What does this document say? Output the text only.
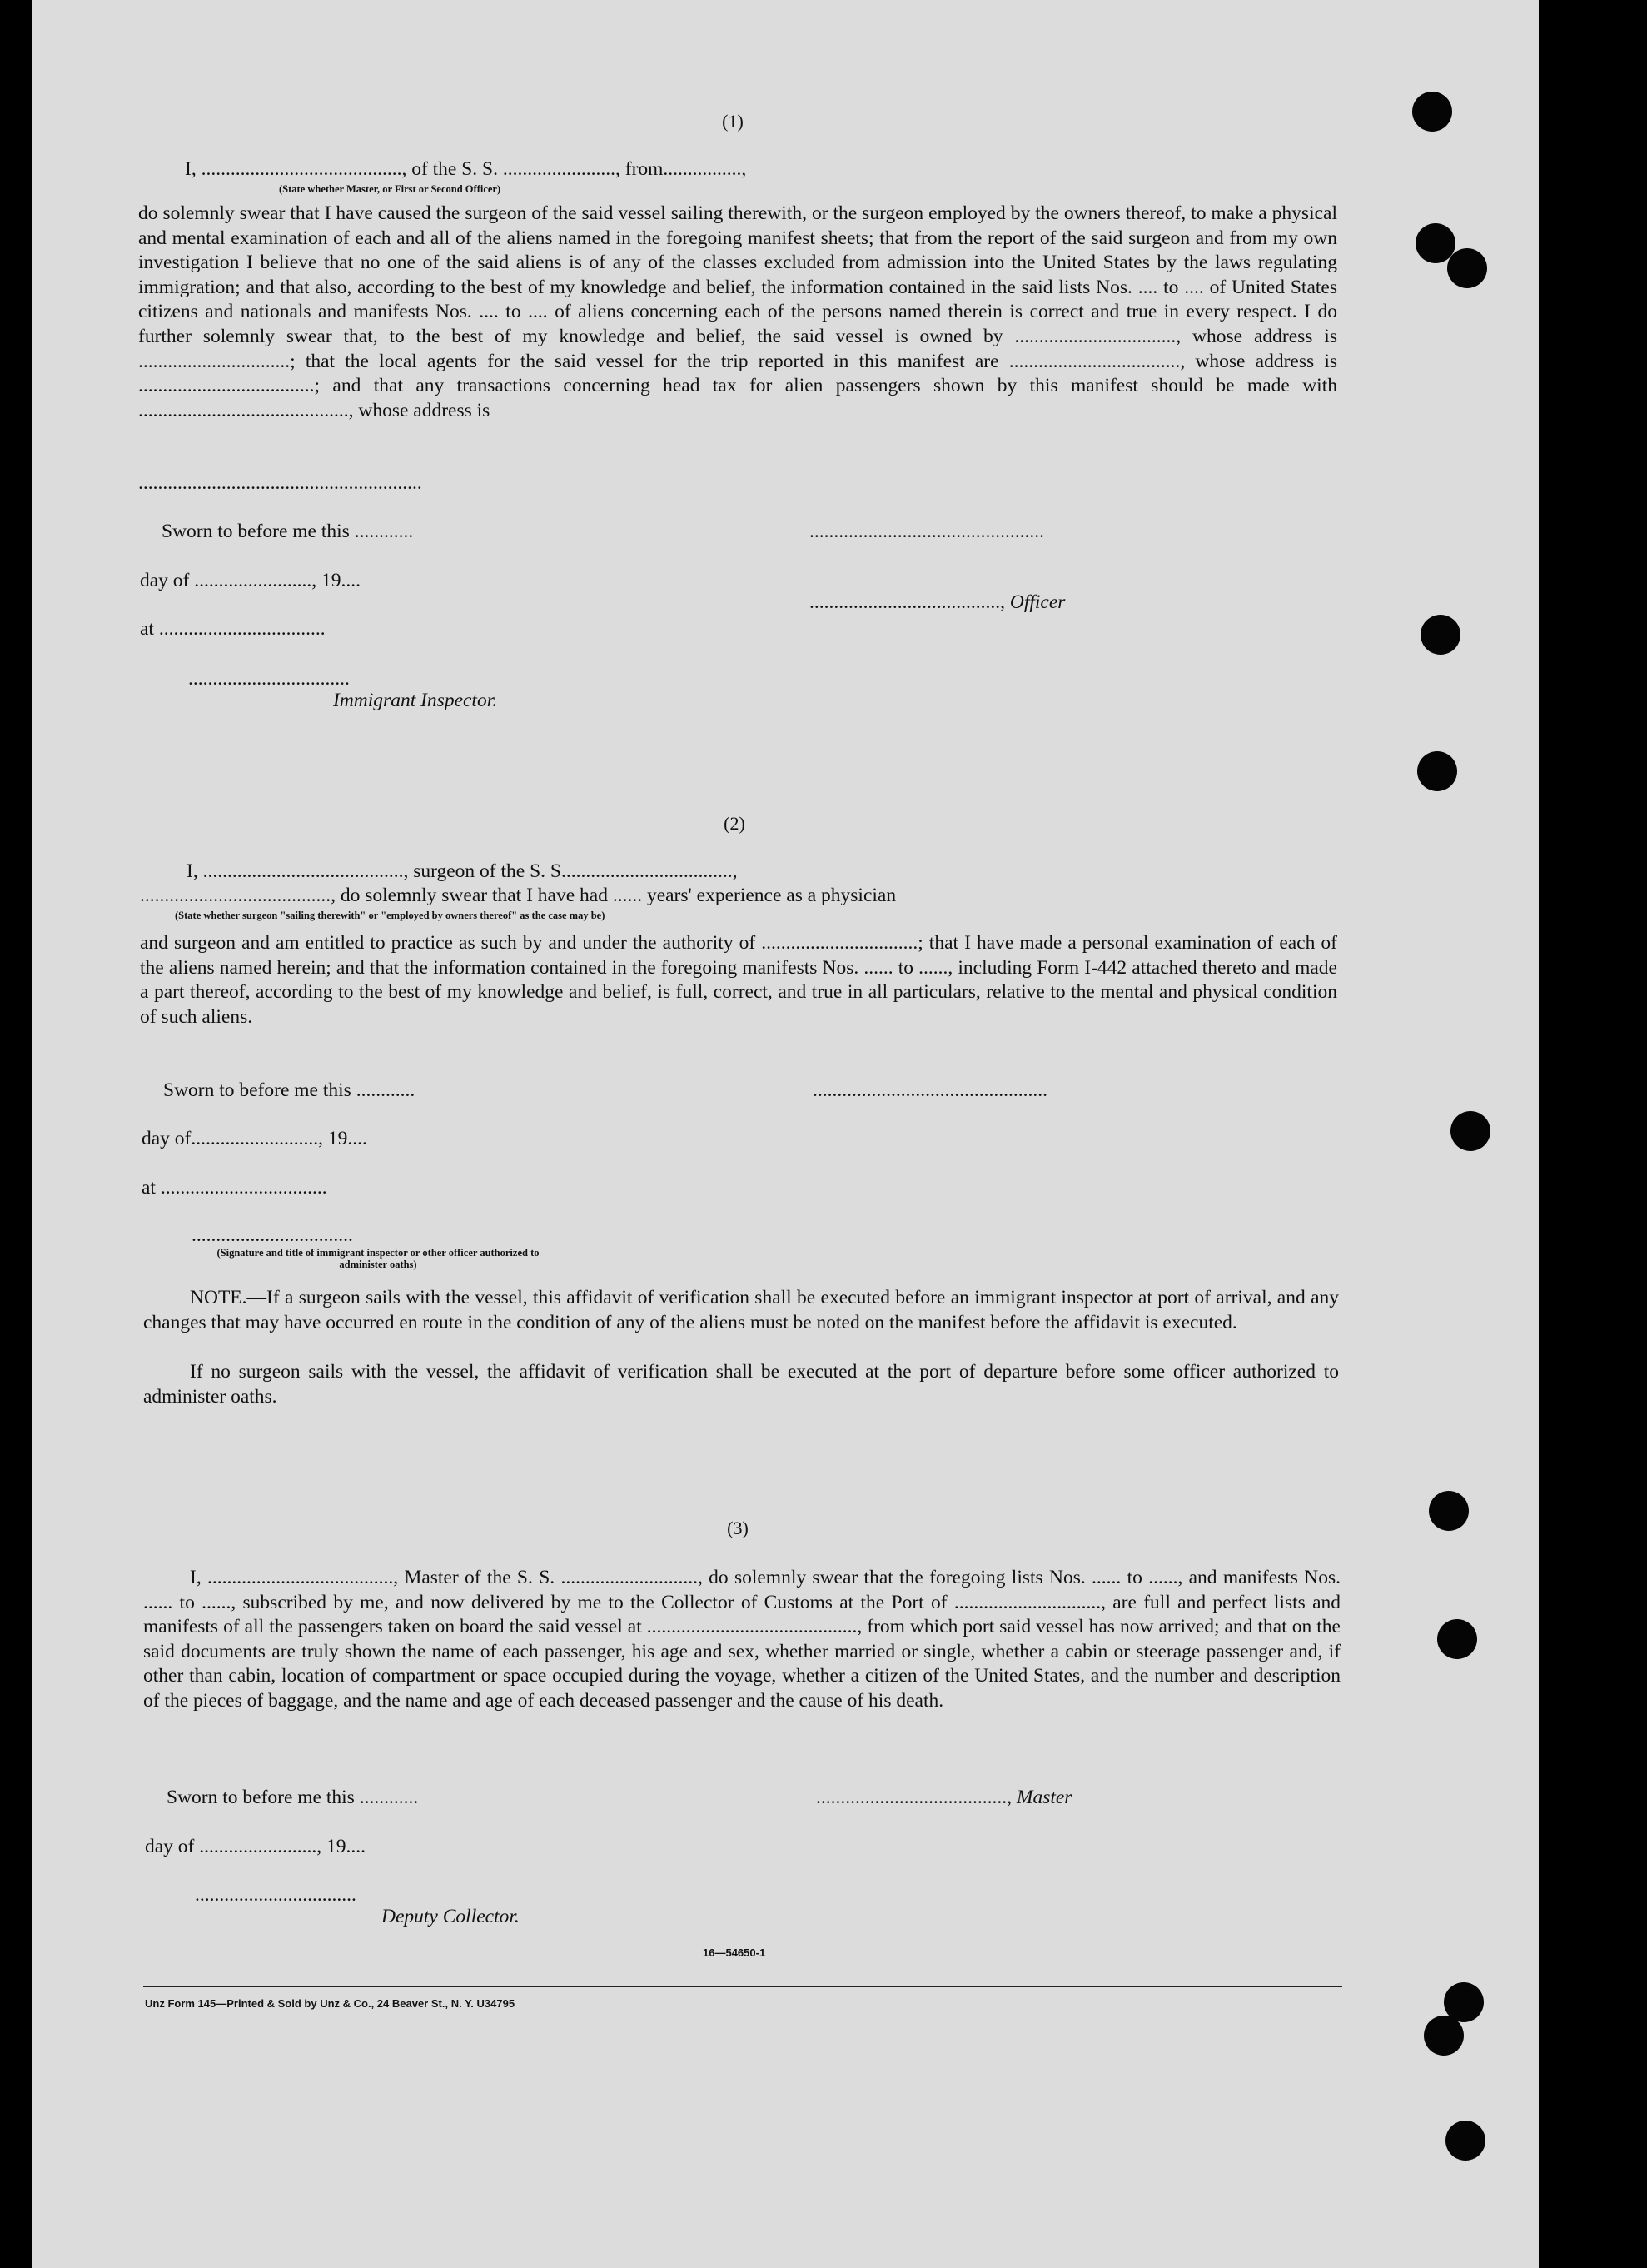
(1)
I, ........................................., of the S. S. ......................., from................,
(State whether Master, or First or Second Officer)
do solemnly swear that I have caused the surgeon of the said vessel sailing therewith, or the surgeon employed by the owners thereof, to make a physical and mental examination of each and all of the aliens named in the foregoing manifest sheets; that from the report of the said surgeon and from my own investigation I believe that no one of the said aliens is of any of the classes excluded from admission into the United States by the laws regulating immigration; and that also, according to the best of my knowledge and belief, the information contained in the said lists Nos. .... to .... of United States citizens and nationals and manifests Nos. .... to .... of aliens concerning each of the persons named therein is correct and true in every respect. I do further solemnly swear that, to the best of my knowledge and belief, the said vessel is owned by ................................., whose address is ...............................; that the local agents for the said vessel for the trip reported in this manifest are ..................................., whose address is ....................................; and that any transactions concerning head tax for alien passengers shown by this manifest should be made with ..........................................., whose address is
..........................................................
Sworn to before me this ............	................................................
day of ........................, 19....
......................................., Officer
at ..................................
.................................
Immigrant Inspector.
(2)
I, ........................................., surgeon of the S. S...................................,
......................................., do solemnly swear that I have had ...... years' experience as a physician
(State whether surgeon "sailing therewith" or "employed by owners thereof" as the case may be)
and surgeon and am entitled to practice as such by and under the authority of ................................; that I have made a personal examination of each of the aliens named herein; and that the information contained in the foregoing manifests Nos. ...... to ......, including Form I-442 attached thereto and made a part thereof, according to the best of my knowledge and belief, is full, correct, and true in all particulars, relative to the mental and physical condition of such aliens.
Sworn to before me this ............	................................................
day of.........................., 19....
at ..................................
.................................
(Signature and title of immigrant inspector or other officer authorized to administer oaths)
NOTE.—If a surgeon sails with the vessel, this affidavit of verification shall be executed before an immigrant inspector at port of arrival, and any changes that may have occurred en route in the condition of any of the aliens must be noted on the manifest before the affidavit is executed.
If no surgeon sails with the vessel, the affidavit of verification shall be executed at the port of departure before some officer authorized to administer oaths.
(3)
I, ......................................, Master of the S. S. ............................, do solemnly swear that the foregoing lists Nos. ...... to ......, and manifests Nos. ...... to ......, subscribed by me, and now delivered by me to the Collector of Customs at the Port of .............................., are full and perfect lists and manifests of all the passengers taken on board the said vessel at ..........................................., from which port said vessel has now arrived; and that on the said documents are truly shown the name of each passenger, his age and sex, whether married or single, whether a cabin or steerage passenger and, if other than cabin, location of compartment or space occupied during the voyage, whether a citizen of the United States, and the number and description of the pieces of baggage, and the name and age of each deceased passenger and the cause of his death.
Sworn to before me this ............	......................................., Master
day of ........................, 19....
.................................
Deputy Collector.
16—54650-1
Unz Form 145—Printed & Sold by Unz & Co., 24 Beaver St., N. Y. U34795
